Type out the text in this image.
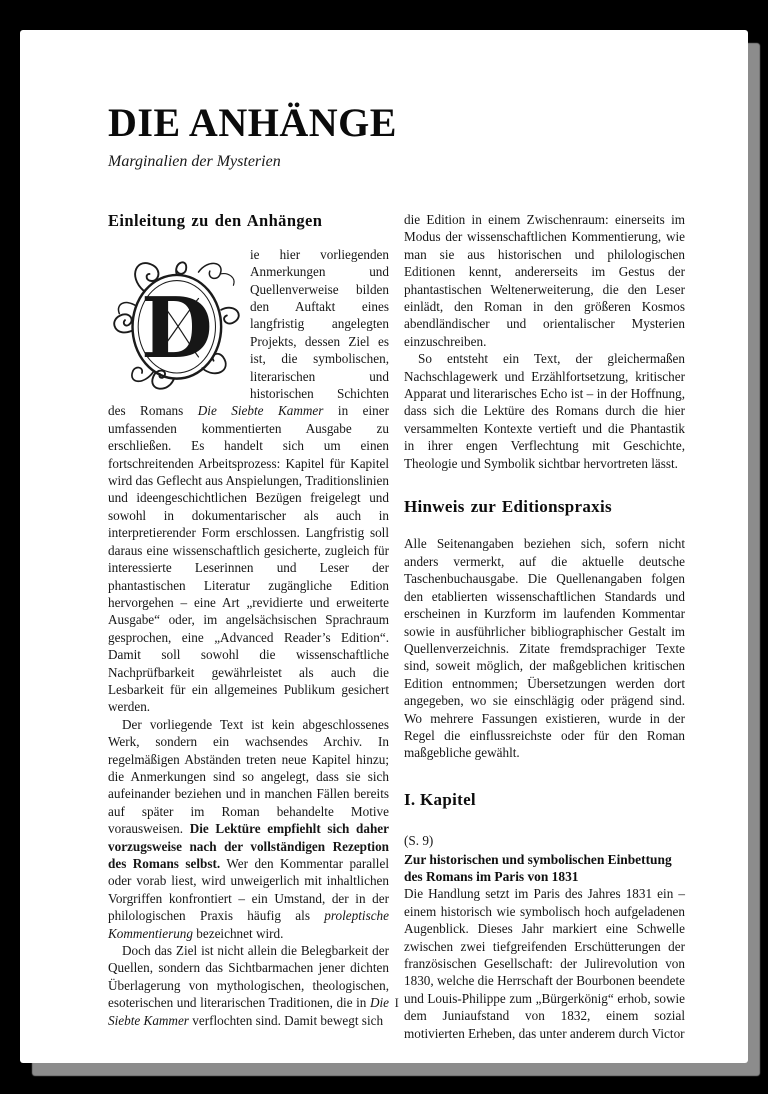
DIE ANHÄNGE
Marginalien der Mysterien
Einleitung zu den Anhängen

D
ie hier vorliegenden Anmerkungen und Quellenverweise bilden den Auftakt eines langfristig angelegten Projekts, dessen Ziel es ist, die symbolischen, literarischen und historischen Schichten des Romans Die Siebte Kammer in einer umfassenden kommentierten Ausgabe zu erschließen. Es handelt sich um einen fortschreitenden Arbeitsprozess: Kapitel für Kapitel wird das Geflecht aus Anspielungen, Traditionslinien und ideengeschichtlichen Bezügen freigelegt und sowohl in dokumentarischer als auch in interpretierender Form erschlossen. Langfristig soll daraus eine wissenschaftlich gesicherte, zugleich für interessierte Leserinnen und Leser der phantastischen Literatur zugängliche Edition hervorgehen – eine Art „revidierte und erweiterte Ausgabe“ oder, im angelsächsischen Sprachraum gesprochen, eine „Advanced Reader’s Edition“. Damit soll sowohl die wissenschaftliche Nachprüfbarkeit gewährleistet als auch die Lesbarkeit für ein allgemeines Publikum gesichert werden.

Der vorliegende Text ist kein abgeschlossenes Werk, sondern ein wachsendes Archiv. In regelmäßigen Abständen treten neue Kapitel hinzu; die Anmerkungen sind so angelegt, dass sie sich aufeinander beziehen und in manchen Fällen bereits auf später im Roman behandelte Motive vorausweisen. Die Lektüre empfiehlt sich daher vorzugsweise nach der vollständigen Rezeption des Romans selbst. Wer den Kommentar parallel oder vorab liest, wird unweigerlich mit inhaltlichen Vorgriffen konfrontiert – ein Umstand, der in der philologischen Praxis häufig als proleptische Kommentierung bezeichnet wird.

Doch das Ziel ist nicht allein die Belegbarkeit der Quellen, sondern das Sichtbarmachen jener dichten Überlagerung von mythologischen, theologischen, esoterischen und literarischen Traditionen, die in Die Siebte Kammer verflochten sind. Damit bewegt sich

die Edition in einem Zwischenraum: einerseits im Modus der wissenschaftlichen Kommentierung, wie man sie aus historischen und philologischen Editionen kennt, andererseits im Gestus der phantastischen Weltenerweiterung, die den Leser einlädt, den Roman in den größeren Kosmos abendländischer und orientalischer Mysterien einzuschreiben.

So entsteht ein Text, der gleichermaßen Nachschlagewerk und Erzählfortsetzung, kritischer Apparat und literarisches Echo ist – in der Hoffnung, dass sich die Lektüre des Romans durch die hier versammelten Kontexte vertieft und die Phantastik in ihrer engen Verflechtung mit Geschichte, Theologie und Symbolik sichtbar hervortreten lässt.

Hinweis zur Editionspraxis

Alle Seitenangaben beziehen sich, sofern nicht anders vermerkt, auf die aktuelle deutsche Taschenbuchausgabe. Die Quellenangaben folgen den etablierten wissenschaftlichen Standards und erscheinen in Kurzform im laufenden Kommentar sowie in ausführlicher bibliographischer Gestalt im Quellenverzeichnis. Zitate fremdsprachiger Texte sind, soweit möglich, der maßgeblichen kritischen Edition entnommen; Übersetzungen werden dort angegeben, wo sie einschlägig oder prägend sind. Wo mehrere Fassungen existieren, wurde in der Regel die einflussreichste oder für den Roman maßgebliche gewählt.

I. Kapitel

(S. 9)

Zur historischen und symbolischen Einbettung des Romans im Paris von 1831

Die Handlung setzt im Paris des Jahres 1831 ein – einem historisch wie symbolisch hoch aufgeladenen Augenblick. Dieses Jahr markiert eine Schwelle zwischen zwei tiefgreifenden Erschütterungen der französischen Gesellschaft: der Julirevolution von 1830, welche die Herrschaft der Bourbonen beendete und Louis-Philippe zum „Bürgerkönig“ erhob, sowie dem Juniaufstand von 1832, einem sozial motivierten Erheben, das unter anderem durch Victor

I
